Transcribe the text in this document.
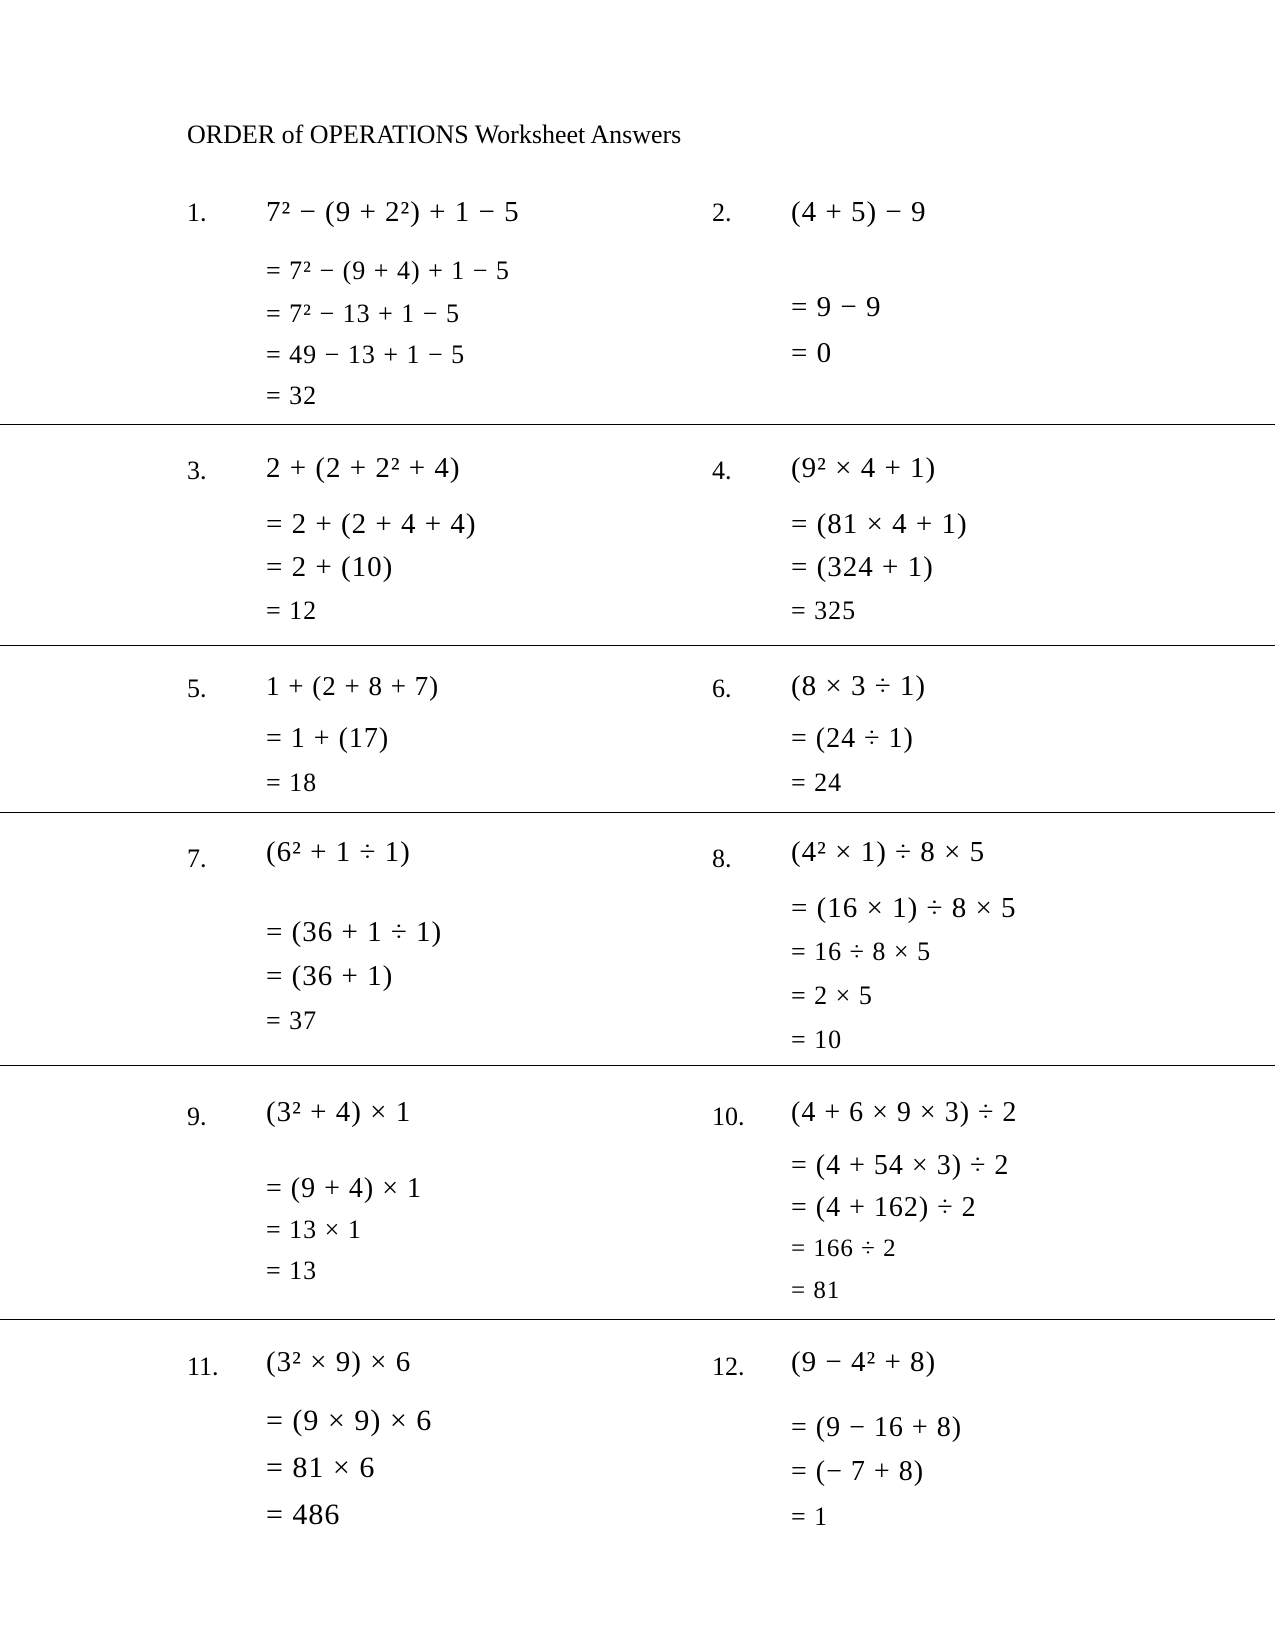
ORDER of OPERATIONS Worksheet Answers
1. 7² − (9 + 2²) + 1 − 5
= 7² − (9 + 4) + 1 − 5
= 7² − 13 + 1 − 5
= 49 − 13 + 1 − 5
= 32
2. (4 + 5) − 9
= 9 − 9
= 0
3. 2 + (2 + 2² + 4)
= 2 + (2 + 4 + 4)
= 2 + (10)
= 12
4. (9² × 4 + 1)
= (81 × 4 + 1)
= (324 + 1)
= 325
5. 1 + (2 + 8 + 7)
= 1 + (17)
= 18
6. (8 × 3 ÷ 1)
= (24 ÷ 1)
= 24
7. (6² + 1 ÷ 1)
= (36 + 1 ÷ 1)
= (36 + 1)
= 37
8. (4² × 1) ÷ 8 × 5
= (16 × 1) ÷ 8 × 5
= 16 ÷ 8 × 5
= 2 × 5
= 10
9. (3² + 4) × 1
= (9 + 4) × 1
= 13 × 1
= 13
10. (4 + 6 × 9 × 3) ÷ 2
= (4 + 54 × 3) ÷ 2
= (4 + 162) ÷ 2
= 166 ÷ 2
= 81
11. (3² × 9) × 6
= (9 × 9) × 6
= 81 × 6
= 486
12. (9 − 4² + 8)
= (9 − 16 + 8)
= (− 7 + 8)
= 1
